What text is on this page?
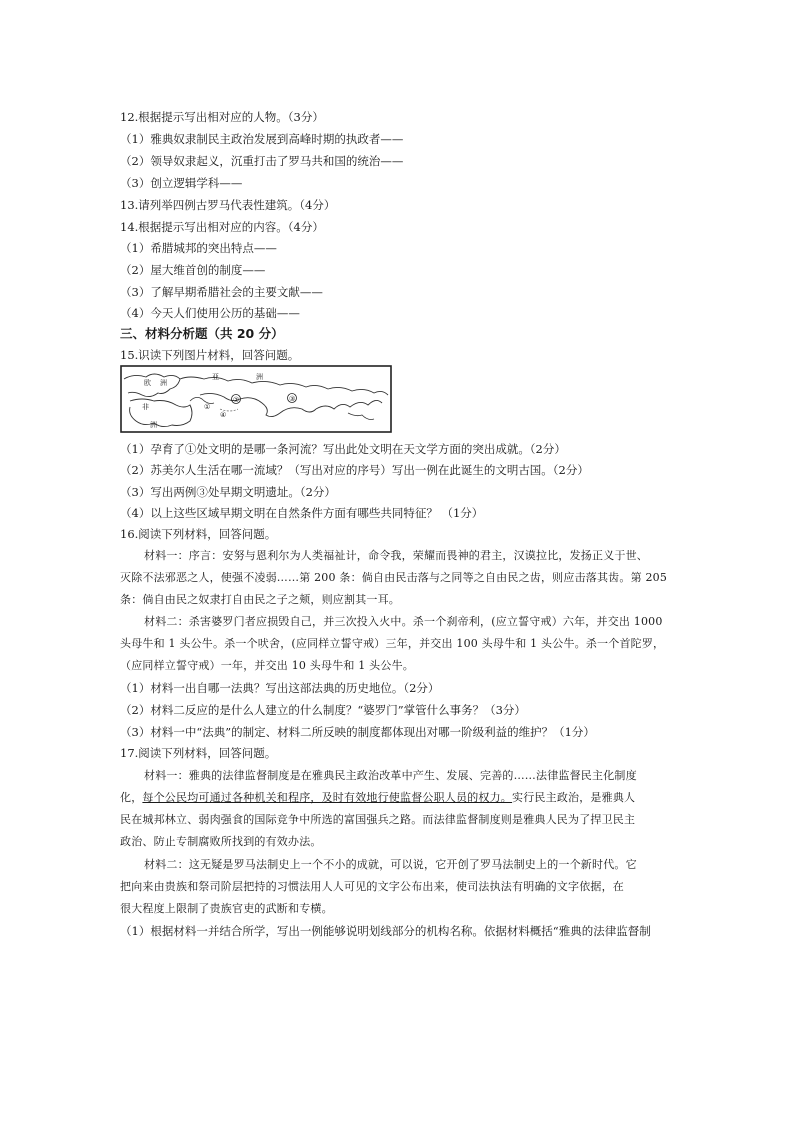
12.根据提示写出相对应的人物。（3分）
（1）雅典奴隶制民主政治发展到高峰时期的执政者——
（2）领导奴隶起义，沉重打击了罗马共和国的统治——
（3）创立逻辑学科——
13.请列举四例古罗马代表性建筑。（4分）
14.根据提示写出相对应的内容。（4分）
（1）希腊城邦的突出特点——
（2）屋大维首创的制度——
（3）了解早期希腊社会的主要文献——
（4）今天人们使用公历的基础——
三、材料分析题（共 20 分）
15.识读下列图片材料，回答问题。
欧 洲
亚	洲
非
洲
①
②	③
④
（1）孕育了①处文明的是哪一条河流？写出此处文明在天文学方面的突出成就。（2分）
（2）苏美尔人生活在哪一流域？（写出对应的序号）写出一例在此诞生的文明古国。（2分）
（3）写出两例③处早期文明遗址。（2分）
（4）以上这些区域早期文明在自然条件方面有哪些共同特征？ （1分）
16.阅读下列材料，回答问题。
材料一：序言：安努与恩利尔为人类福祉计，命令我，荣耀而畏神的君主，汉谟拉比，发扬正义于世、
灭除不法邪恶之人，使强不凌弱……第 200 条：倘自由民击落与之同等之自由民之齿，则应击落其齿。第 205
条：倘自由民之奴隶打自由民之子之颊，则应割其一耳。
材料二：杀害婆罗门者应损毁自己，并三次投入火中。杀一个刹帝利，(应立誓守戒）六年，并交出 1000
头母牛和 1 头公牛。杀一个吠舍，(应同样立誓守戒）三年，并交出 100 头母牛和 1 头公牛。杀一个首陀罗，
（应同样立誓守戒）一年，并交出 10 头母牛和 1 头公牛。
（1）材料一出自哪一法典？写出这部法典的历史地位。（2分）
（2）材料二反应的是什么人建立的什么制度？“婆罗门”掌管什么事务？（3分）
（3）材料一中“法典”的制定、材料二所反映的制度都体现出对哪一阶级利益的维护？（1分）
17.阅读下列材料，回答问题。
材料一：雅典的法律监督制度是在雅典民主政治改革中产生、发展、完善的……法律监督民主化制度
化，每个公民均可通过各种机关和程序，及时有效地行使监督公职人员的权力。实行民主政治，是雅典人
民在城邦林立、弱肉强食的国际竞争中所选的富国强兵之路。而法律监督制度则是雅典人民为了捍卫民主
政治、防止专制腐败所找到的有效办法。
材料二：这无疑是罗马法制史上一个不小的成就，可以说，它开创了罗马法制史上的一个新时代。它
把向来由贵族和祭司阶层把持的习惯法用人人可见的文字公布出来，使司法执法有明确的文字依据，在
很大程度上限制了贵族官吏的武断和专横。
（1）根据材料一并结合所学，写出一例能够说明划线部分的机构名称。依据材料概括“雅典的法律监督制
